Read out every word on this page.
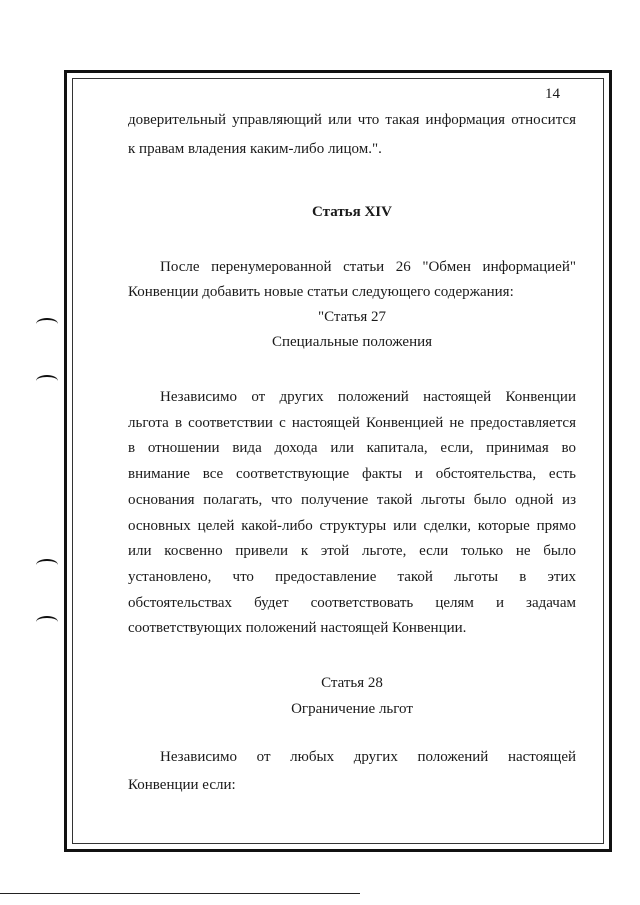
14
доверительный управляющий или что такая информация относится
к правам владения каким-либо лицом.".
Статья XIV
После перенумерованной статьи 26 "Обмен информацией"
Конвенции добавить новые статьи следующего содержания:
"Статья 27
Специальные положения
Независимо от других положений настоящей Конвенции
льгота в соответствии с настоящей Конвенцией не предоставляется
в отношении вида дохода или капитала, если, принимая во
внимание все соответствующие факты и обстоятельства, есть
основания полагать, что получение такой льготы было одной из
основных целей какой-либо структуры или сделки, которые прямо
или косвенно привели к этой льготе, если только не было
установлено, что предоставление такой льготы в этих
обстоятельствах будет соответствовать целям и задачам
соответствующих положений настоящей Конвенции.
Статья 28
Ограничение льгот
Независимо от любых других положений настоящей
Конвенции если:
